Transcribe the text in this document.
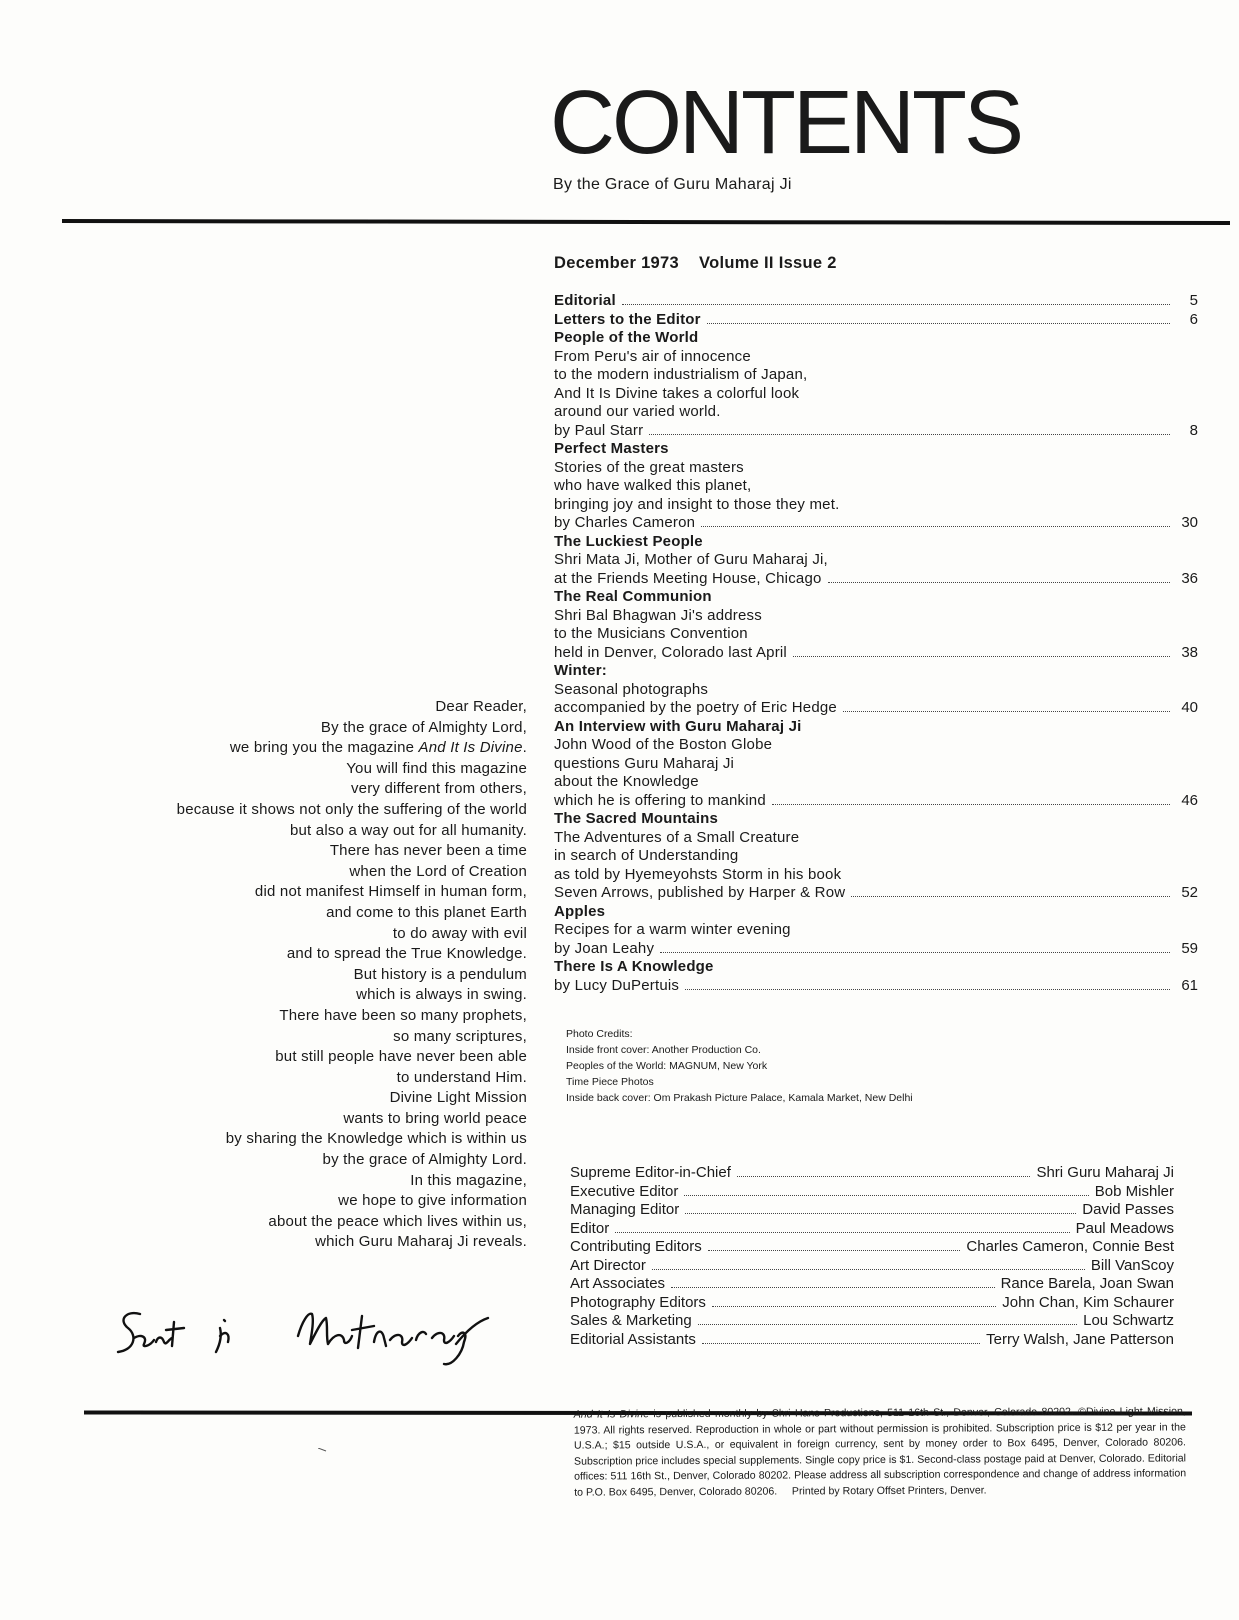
CONTENTS
By the Grace of Guru Maharaj Ji
December 1973 Volume II Issue 2
Editorial	5
Letters to the Editor	6
People of the World
From Peru's air of innocence
to the modern industrialism of Japan,
And It Is Divine takes a colorful look
around our varied world.
by Paul Starr	8
Perfect Masters
Stories of the great masters
who have walked this planet,
bringing joy and insight to those they met.
by Charles Cameron	30
The Luckiest People
Shri Mata Ji, Mother of Guru Maharaj Ji,
at the Friends Meeting House, Chicago	36
The Real Communion
Shri Bal Bhagwan Ji's address
to the Musicians Convention
held in Denver, Colorado last April	38
Winter:
Seasonal photographs
accompanied by the poetry of Eric Hedge	40
An Interview with Guru Maharaj Ji
John Wood of the Boston Globe
questions Guru Maharaj Ji
about the Knowledge
which he is offering to mankind	46
The Sacred Mountains
The Adventures of a Small Creature
in search of Understanding
as told by Hyemeyohsts Storm in his book
Seven Arrows, published by Harper & Row	52
Apples
Recipes for a warm winter evening
by Joan Leahy	59
There Is A Knowledge
by Lucy DuPertuis	61
Photo Credits:
Inside front cover: Another Production Co.
Peoples of the World: MAGNUM, New York
Time Piece Photos
Inside back cover: Om Prakash Picture Palace, Kamala Market, New Delhi
Supreme Editor-in-Chief	Shri Guru Maharaj Ji
Executive Editor	Bob Mishler
Managing Editor	David Passes
Editor	Paul Meadows
Contributing Editors	Charles Cameron, Connie Best
Art Director	Bill VanScoy
Art Associates	Rance Barela, Joan Swan
Photography Editors	John Chan, Kim Schaurer
Sales & Marketing	Lou Schwartz
Editorial Assistants	Terry Walsh, Jane Patterson
Dear Reader,
By the grace of Almighty Lord,
we bring you the magazine And It Is Divine.
You will find this magazine
very different from others,
because it shows not only the suffering of the world
but also a way out for all humanity.
There has never been a time
when the Lord of Creation
did not manifest Himself in human form,
and come to this planet Earth
to do away with evil
and to spread the True Knowledge.
But history is a pendulum
which is always in swing.
There have been so many prophets,
so many scriptures,
but still people have never been able
to understand Him.
Divine Light Mission
wants to bring world peace
by sharing the Knowledge which is within us
by the grace of Almighty Lord.
In this magazine,
we hope to give information
about the peace which lives within us,
which Guru Maharaj Ji reveals.
And It Is Divine is published monthly by Shri Hans Productions, 511 16th St., Denver, Colorado 80202. ©Divine Light Mission, 1973. All rights reserved. Reproduction in whole or part without permission is prohibited. Subscription price is $12 per year in the U.S.A.; $15 outside U.S.A., or equivalent in foreign currency, sent by money order to Box 6495, Denver, Colorado 80206. Subscription price includes special supplements. Single copy price is $1. Second-class postage paid at Denver, Colorado. Editorial offices: 511 16th St., Denver, Colorado 80202. Please address all subscription correspondence and change of address information to P.O. Box 6495, Denver, Colorado 80206. Printed by Rotary Offset Printers, Denver.
